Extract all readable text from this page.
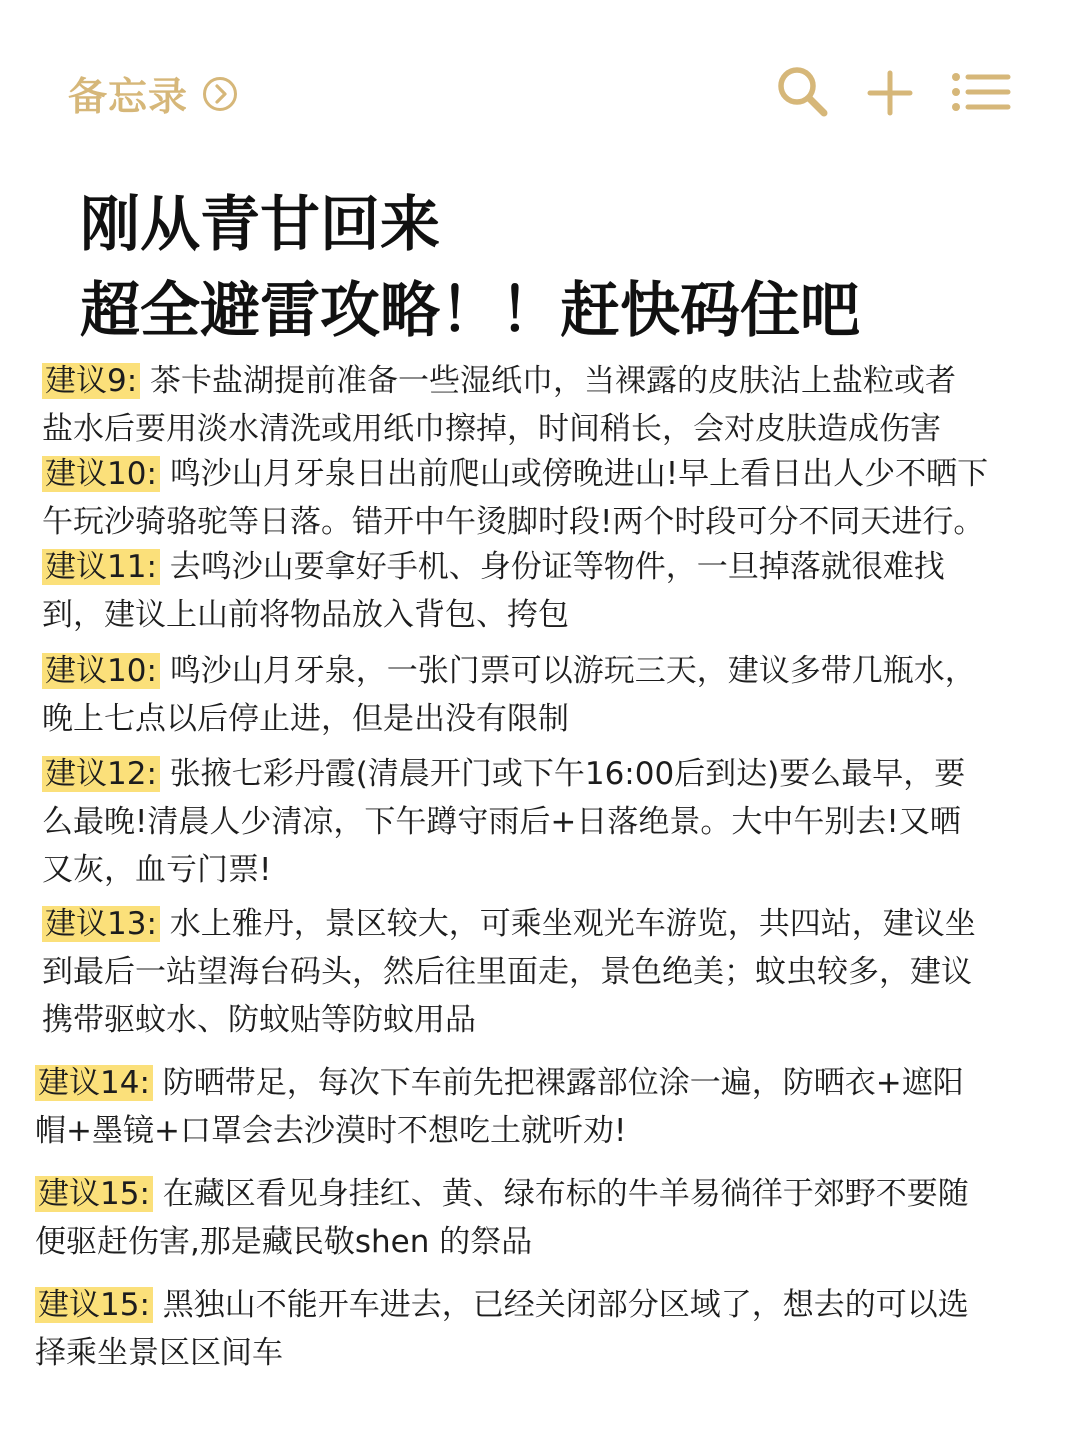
备忘录
刚从青甘回来
超全避雷攻略！！赶快码住吧
建议9: 茶卡盐湖提前准备一些湿纸巾，当裸露的皮肤沾上盐粒或者
盐水后要用淡水清洗或用纸巾擦掉，时间稍长，会对皮肤造成伤害
建议10: 鸣沙山月牙泉日出前爬山或傍晚进山!早上看日出人少不晒下
午玩沙骑骆驼等日落。错开中午烫脚时段!两个时段可分不同天进行。
建议11: 去鸣沙山要拿好手机、身份证等物件，一旦掉落就很难找
到，建议上山前将物品放入背包、挎包
建议10: 鸣沙山月牙泉，一张门票可以游玩三天，建议多带几瓶水，
晚上七点以后停止进，但是出没有限制
建议12: 张掖七彩丹霞(清晨开门或下午16:00后到达)要么最早，要
么最晚!清晨人少清凉，下午蹲守雨后+日落绝景。大中午别去!又晒
又灰，血亏门票!
建议13: 水上雅丹，景区较大，可乘坐观光车游览，共四站，建议坐
到最后一站望海台码头，然后往里面走，景色绝美；蚊虫较多，建议
携带驱蚊水、防蚊贴等防蚊用品
建议14: 防晒带足，每次下车前先把裸露部位涂一遍，防晒衣+遮阳
帽+墨镜+口罩会去沙漠时不想吃土就听劝!
建议15: 在藏区看见身挂红、黄、绿布标的牛羊易徜徉于郊野不要随
便驱赶伤害,那是藏民敬shen 的祭品
建议15: 黑独山不能开车进去，已经关闭部分区域了，想去的可以选
择乘坐景区区间车
